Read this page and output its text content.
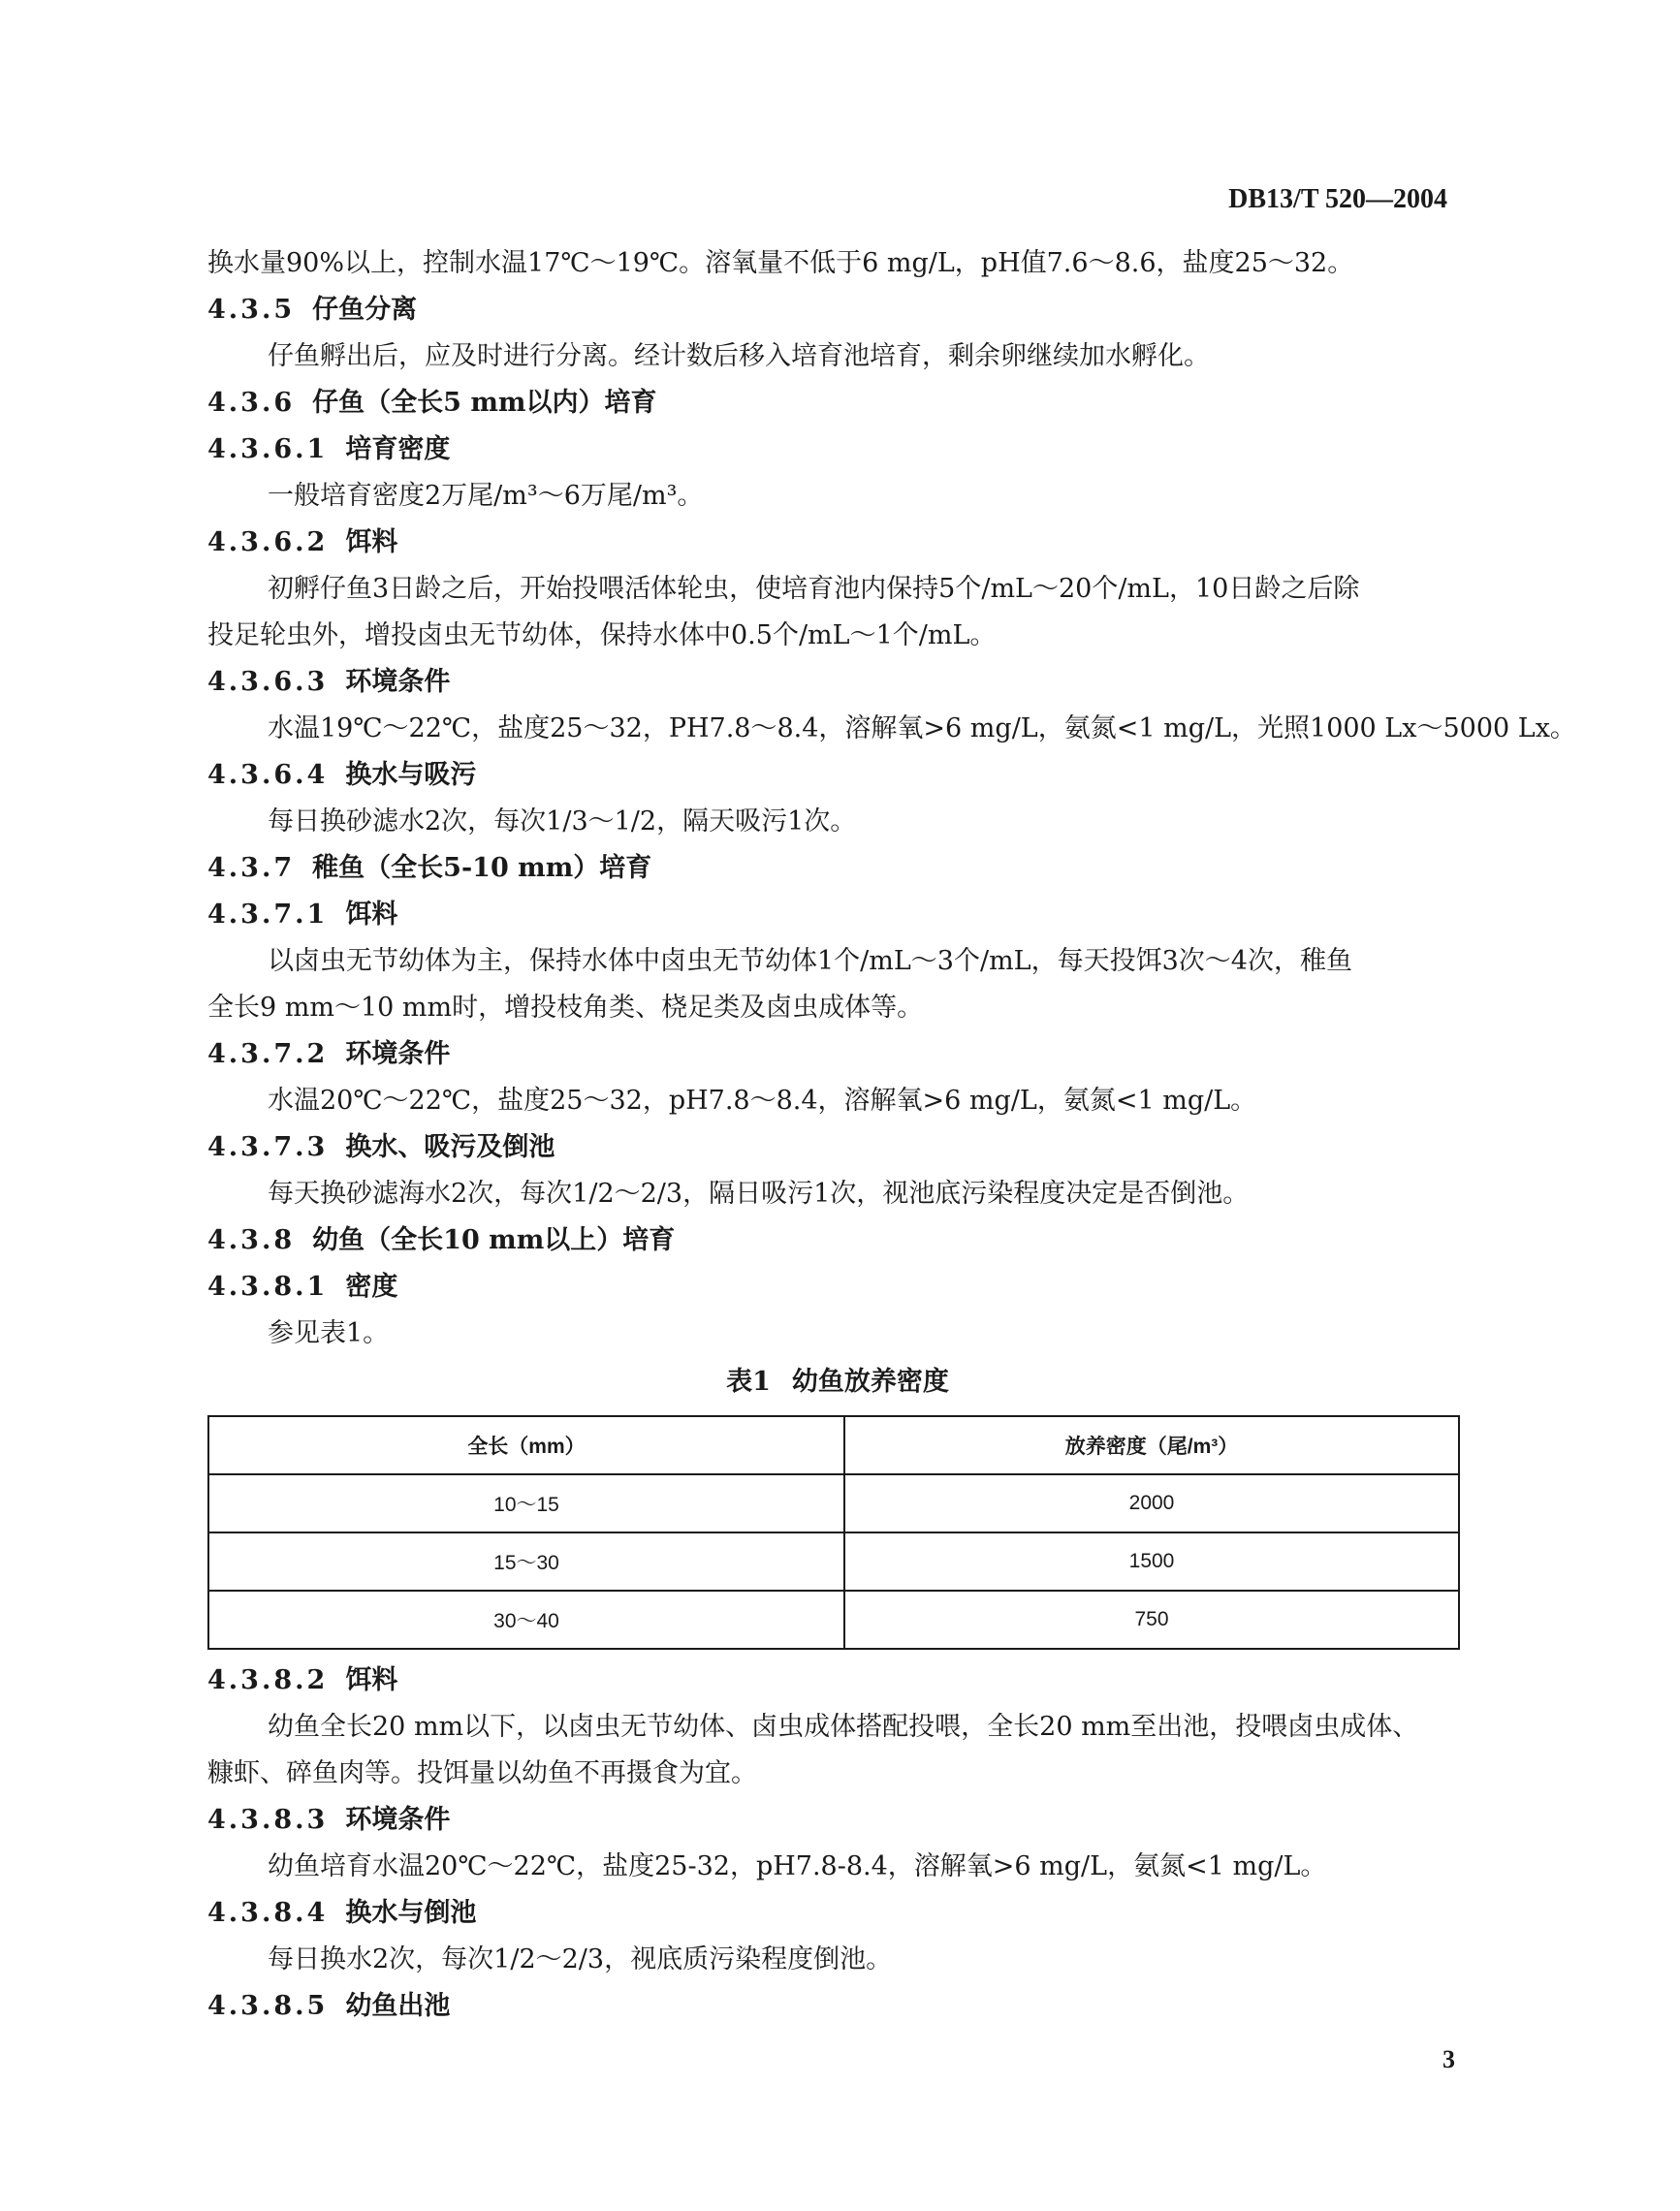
DB13/T 520—2004
换水量90%以上，控制水温17℃～19℃。溶氧量不低于6 mg/L，pH值7.6～8.6，盐度25～32。
4.3.5 仔鱼分离
仔鱼孵出后，应及时进行分离。经计数后移入培育池培育，剩余卵继续加水孵化。
4.3.6 仔鱼（全长5 mm以内）培育
4.3.6.1 培育密度
一般培育密度2万尾/m³～6万尾/m³。
4.3.6.2 饵料
初孵仔鱼3日龄之后，开始投喂活体轮虫，使培育池内保持5个/mL～20个/mL，10日龄之后除
投足轮虫外，增投卤虫无节幼体，保持水体中0.5个/mL～1个/mL。
4.3.6.3 环境条件
水温19℃～22℃，盐度25～32，PH7.8～8.4，溶解氧>6 mg/L，氨氮<1 mg/L，光照1000 Lx～5000 Lx。
4.3.6.4 换水与吸污
每日换砂滤水2次，每次1/3～1/2，隔天吸污1次。
4.3.7 稚鱼（全长5-10 mm）培育
4.3.7.1 饵料
以卤虫无节幼体为主，保持水体中卤虫无节幼体1个/mL～3个/mL，每天投饵3次～4次，稚鱼
全长9 mm～10 mm时，增投枝角类、桡足类及卤虫成体等。
4.3.7.2 环境条件
水温20℃～22℃，盐度25～32，pH7.8～8.4，溶解氧>6 mg/L，氨氮<1 mg/L。
4.3.7.3 换水、吸污及倒池
每天换砂滤海水2次，每次1/2～2/3，隔日吸污1次，视池底污染程度决定是否倒池。
4.3.8 幼鱼（全长10 mm以上）培育
4.3.8.1 密度
参见表1。
表1 幼鱼放养密度
全长（mm）	放养密度（尾/m³）
10～15	2000
15～30	1500
30～40	750
4.3.8.2 饵料
幼鱼全长20 mm以下，以卤虫无节幼体、卤虫成体搭配投喂，全长20 mm至出池，投喂卤虫成体、
糠虾、碎鱼肉等。投饵量以幼鱼不再摄食为宜。
4.3.8.3 环境条件
幼鱼培育水温20℃～22℃，盐度25-32，pH7.8-8.4，溶解氧>6 mg/L，氨氮<1 mg/L。
4.3.8.4 换水与倒池
每日换水2次，每次1/2～2/3，视底质污染程度倒池。
4.3.8.5 幼鱼出池
3
